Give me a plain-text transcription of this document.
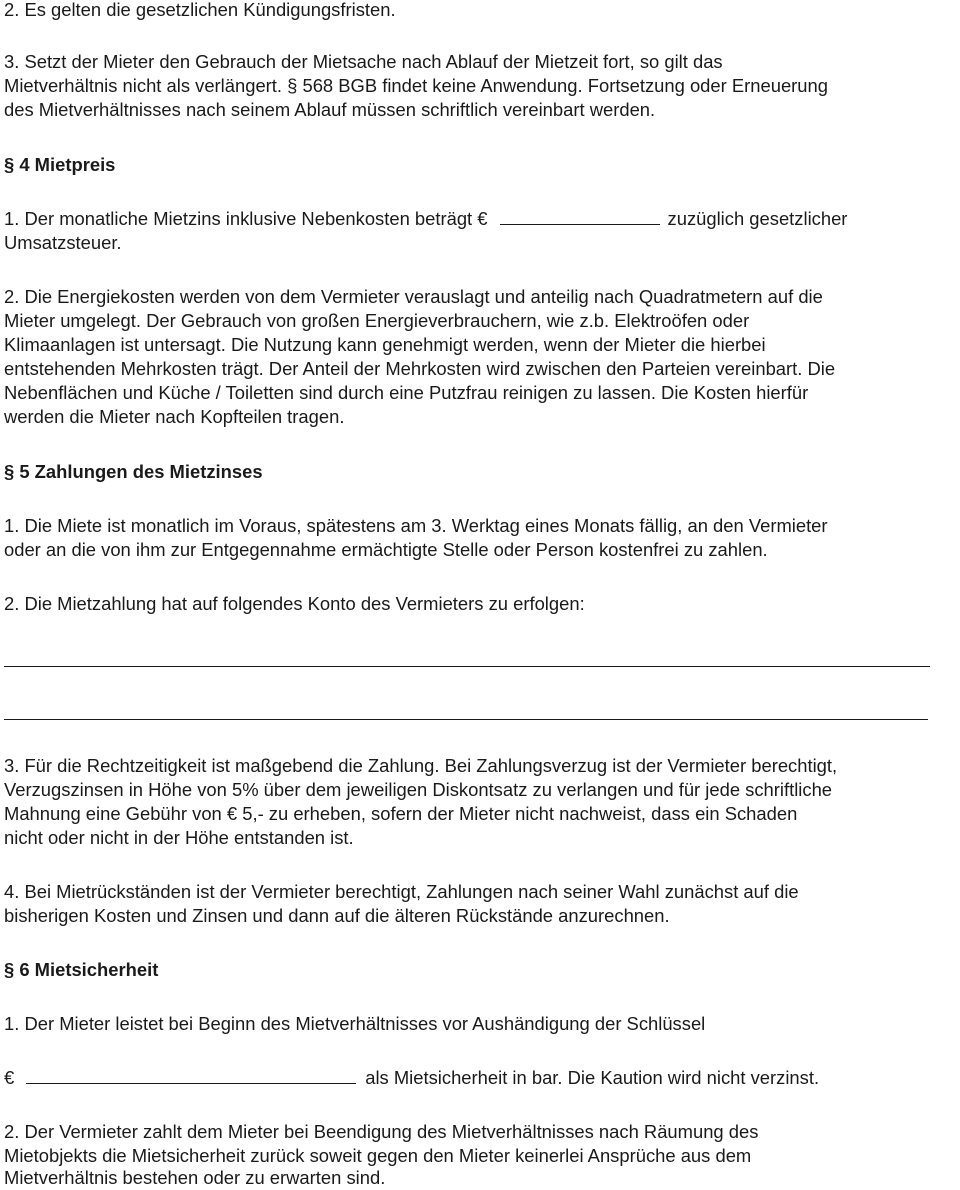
2. Es gelten die gesetzlichen Kündigungsfristen.
3. Setzt der Mieter den Gebrauch der Mietsache nach Ablauf der Mietzeit fort, so gilt das
Mietverhältnis nicht als verlängert. § 568 BGB findet keine Anwendung. Fortsetzung oder Erneuerung
des Mietverhältnisses nach seinem Ablauf müssen schriftlich vereinbart werden.
§ 4 Mietpreis
1. Der monatliche Mietzins inklusive Nebenkosten beträgt €	zuzüglich gesetzlicher
Umsatzsteuer.
2. Die Energiekosten werden von dem Vermieter verauslagt und anteilig nach Quadratmetern auf die
Mieter umgelegt. Der Gebrauch von großen Energieverbrauchern, wie z.b. Elektroöfen oder
Klimaanlagen ist untersagt. Die Nutzung kann genehmigt werden, wenn der Mieter die hierbei
entstehenden Mehrkosten trägt. Der Anteil der Mehrkosten wird zwischen den Parteien vereinbart. Die
Nebenflächen und Küche / Toiletten sind durch eine Putzfrau reinigen zu lassen. Die Kosten hierfür
werden die Mieter nach Kopfteilen tragen.
§ 5 Zahlungen des Mietzinses
1. Die Miete ist monatlich im Voraus, spätestens am 3. Werktag eines Monats fällig, an den Vermieter
oder an die von ihm zur Entgegennahme ermächtigte Stelle oder Person kostenfrei zu zahlen.
2. Die Mietzahlung hat auf folgendes Konto des Vermieters zu erfolgen:
3. Für die Rechtzeitigkeit ist maßgebend die Zahlung. Bei Zahlungsverzug ist der Vermieter berechtigt,
Verzugszinsen in Höhe von 5% über dem jeweiligen Diskontsatz zu verlangen und für jede schriftliche
Mahnung eine Gebühr von € 5,- zu erheben, sofern der Mieter nicht nachweist, dass ein Schaden
nicht oder nicht in der Höhe entstanden ist.
4. Bei Mietrückständen ist der Vermieter berechtigt, Zahlungen nach seiner Wahl zunächst auf die
bisherigen Kosten und Zinsen und dann auf die älteren Rückstände anzurechnen.
§ 6 Mietsicherheit
1. Der Mieter leistet bei Beginn des Mietverhältnisses vor Aushändigung der Schlüssel
€	als Mietsicherheit in bar. Die Kaution wird nicht verzinst.
2. Der Vermieter zahlt dem Mieter bei Beendigung des Mietverhältnisses nach Räumung des
Mietobjekts die Mietsicherheit zurück soweit gegen den Mieter keinerlei Ansprüche aus dem
Mietverhältnis bestehen oder zu erwarten sind.
